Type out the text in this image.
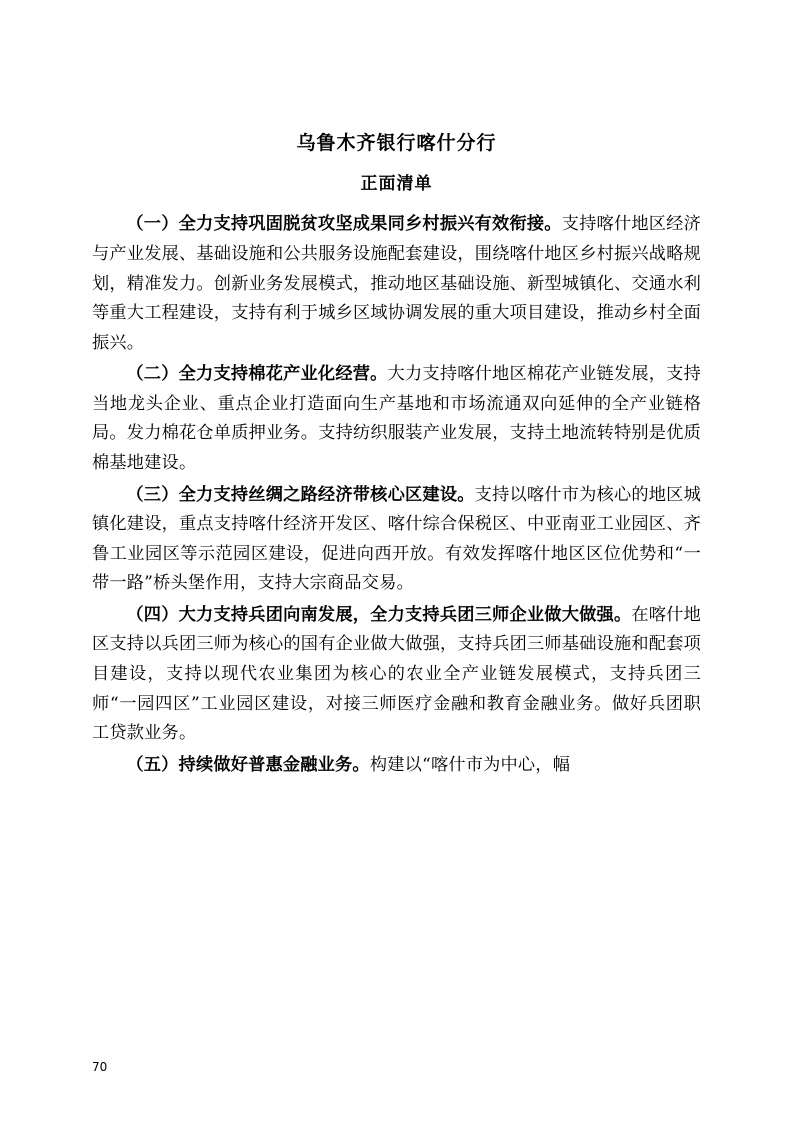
乌鲁木齐银行喀什分行
正面清单

（一）全力支持巩固脱贫攻坚成果同乡村振兴有效衔接。支持喀什地区经济与产业发展、基础设施和公共服务设施配套建设，围绕喀什地区乡村振兴战略规划，精准发力。创新业务发展模式，推动地区基础设施、新型城镇化、交通水利等重大工程建设，支持有利于城乡区域协调发展的重大项目建设，推动乡村全面振兴。

（二）全力支持棉花产业化经营。大力支持喀什地区棉花产业链发展，支持当地龙头企业、重点企业打造面向生产基地和市场流通双向延伸的全产业链格局。发力棉花仓单质押业务。支持纺织服装产业发展，支持土地流转特别是优质棉基地建设。

（三）全力支持丝绸之路经济带核心区建设。支持以喀什市为核心的地区城镇化建设，重点支持喀什经济开发区、喀什综合保税区、中亚南亚工业园区、齐鲁工业园区等示范园区建设，促进向西开放。有效发挥喀什地区区位优势和“一带一路”桥头堡作用，支持大宗商品交易。

（四）大力支持兵团向南发展，全力支持兵团三师企业做大做强。在喀什地区支持以兵团三师为核心的国有企业做大做强，支持兵团三师基础设施和配套项目建设，支持以现代农业集团为核心的农业全产业链发展模式，支持兵团三师“一园四区”工业园区建设，对接三师医疗金融和教育金融业务。做好兵团职工贷款业务。

（五）持续做好普惠金融业务。构建以“喀什市为中心，幅

70
